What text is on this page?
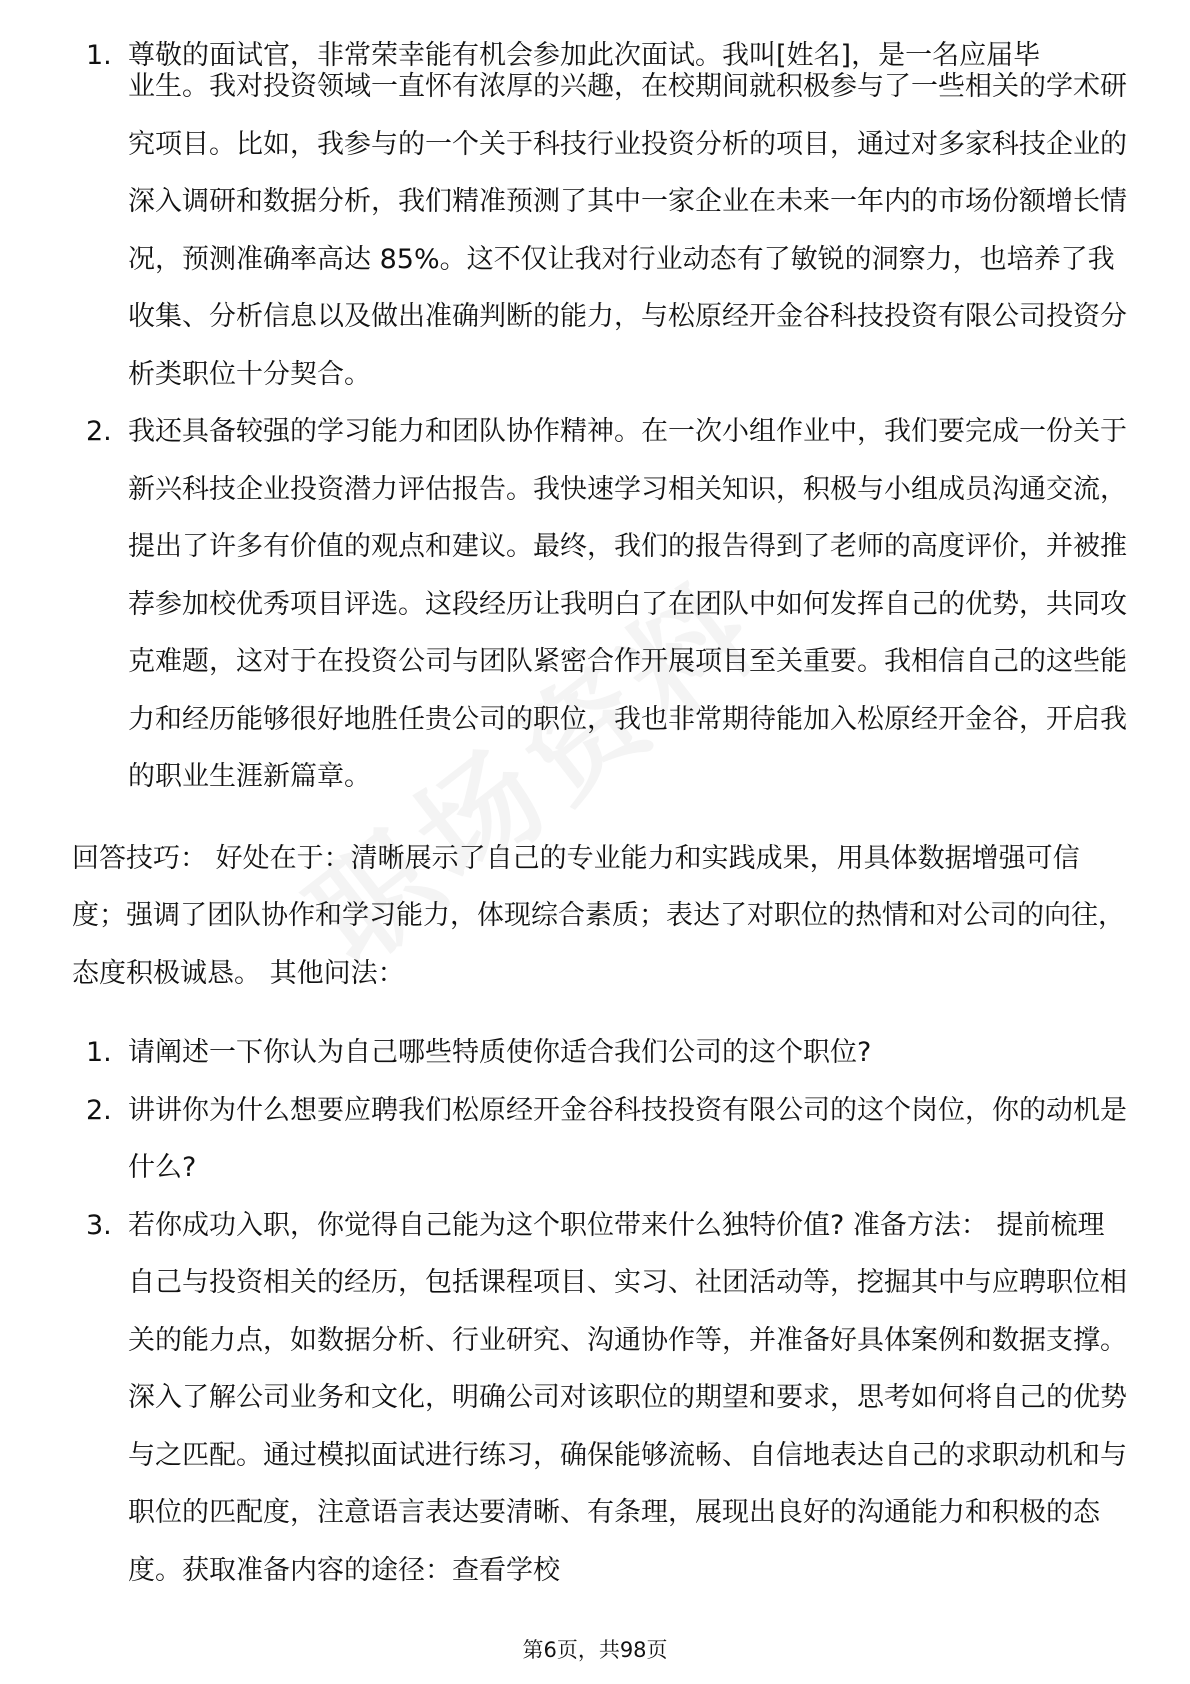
1. 尊敬的面试官，非常荣幸能有机会参加此次面试。我叫[姓名]，是一名应届毕
业生。我对投资领域一直怀有浓厚的兴趣，在校期间就积极参与了一些相关的学术研究项目。比如，我参与的一个关于科技行业投资分析的项目，通过对多家科技企业的深入调研和数据分析，我们精准预测了其中一家企业在未来一年内的市场份额增长情况，预测准确率高达 85%。这不仅让我对行业动态有了敏锐的洞察力，也培养了我收集、分析信息以及做出准确判断的能力，与松原经开金谷科技投资有限公司投资分析类职位十分契合。
2. 我还具备较强的学习能力和团队协作精神。在一次小组作业中，我们要完成一份关于新兴科技企业投资潜力评估报告。我快速学习相关知识，积极与小组成员沟通交流，提出了许多有价值的观点和建议。最终，我们的报告得到了老师的高度评价，并被推荐参加校优秀项目评选。这段经历让我明白了在团队中如何发挥自己的优势，共同攻克难题，这对于在投资公司与团队紧密合作开展项目至关重要。我相信自己的这些能力和经历能够很好地胜任贵公司的职位，我也非常期待能加入松原经开金谷，开启我的职业生涯新篇章。

回答技巧： 好处在于：清晰展示了自己的专业能力和实践成果，用具体数据增强可信度；强调了团队协作和学习能力，体现综合素质；表达了对职位的热情和对公司的向往，态度积极诚恳。 其他问法：

1. 请阐述一下你认为自己哪些特质使你适合我们公司的这个职位?
2. 讲讲你为什么想要应聘我们松原经开金谷科技投资有限公司的这个岗位，你的动机是什么?
3. 若你成功入职，你觉得自己能为这个职位带来什么独特价值? 准备方法： 提前梳理自己与投资相关的经历，包括课程项目、实习、社团活动等，挖掘其中与应聘职位相关的能力点，如数据分析、行业研究、沟通协作等，并准备好具体案例和数据支撑。深入了解公司业务和文化，明确公司对该职位的期望和要求，思考如何将自己的优势与之匹配。通过模拟面试进行练习，确保能够流畅、自信地表达自己的求职动机和与职位的匹配度，注意语言表达要清晰、有条理，展现出良好的沟通能力和积极的态度。获取准备内容的途径：查看学校
第6页，共98页
